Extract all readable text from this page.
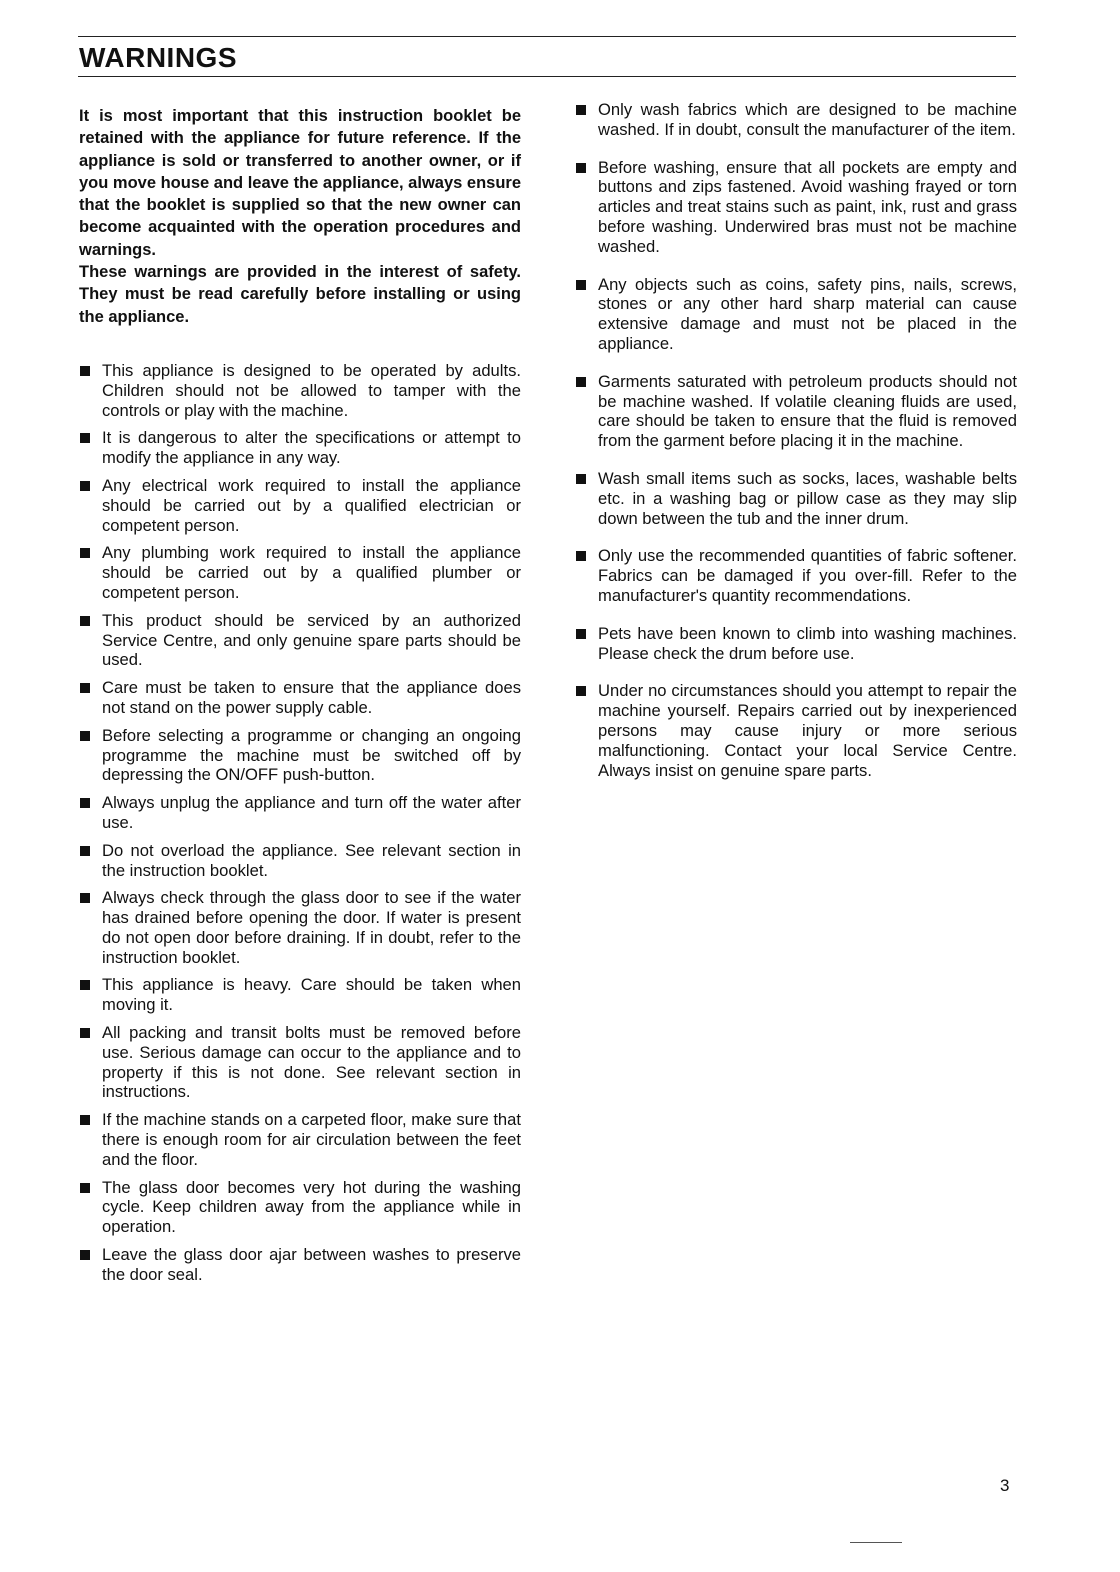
WARNINGS

It is most important that this instruction booklet be retained with the appliance for future reference. If the appliance is sold or transferred to another owner, or if you move house and leave the appliance, always ensure that the booklet is supplied so that the new owner can become acquainted with the operation procedures and warnings.

These warnings are provided in the interest of safety. They must be read carefully before installing or using the appliance.

This appliance is designed to be operated by adults. Children should not be allowed to tamper with the controls or play with the machine.
It is dangerous to alter the specifications or attempt to modify the appliance in any way.
Any electrical work required to install the appliance should be carried out by a qualified electrician or competent person.
Any plumbing work required to install the appliance should be carried out by a qualified plumber or competent person.
This product should be serviced by an authorized Service Centre, and only genuine spare parts should be used.
Care must be taken to ensure that the appliance does not stand on the power supply cable.
Before selecting a programme or changing an ongoing programme the machine must be switched off by depressing the ON/OFF push-button.
Always unplug the appliance and turn off the water after use.
Do not overload the appliance. See relevant section in the instruction booklet.
Always check through the glass door to see if the water has drained before opening the door. If water is present do not open door before draining. If in doubt, refer to the instruction booklet.
This appliance is heavy. Care should be taken when moving it.
All packing and transit bolts must be removed before use. Serious damage can occur to the appliance and to property if this is not done. See relevant section in instructions.
If the machine stands on a carpeted floor, make sure that there is enough room for air circulation between the feet and the floor.
The glass door becomes very hot during the washing cycle. Keep children away from the appliance while in operation.
Leave the glass door ajar between washes to preserve the door seal.
Only wash fabrics which are designed to be machine washed. If in doubt, consult the manufacturer of the item.
Before washing, ensure that all pockets are empty and buttons and zips fastened. Avoid washing frayed or torn articles and treat stains such as paint, ink, rust and grass before washing. Underwired bras must not be machine washed.
Any objects such as coins, safety pins, nails, screws, stones or any other hard sharp material can cause extensive damage and must not be placed in the appliance.
Garments saturated with petroleum products should not be machine washed. If volatile cleaning fluids are used, care should be taken to ensure that the fluid is removed from the garment before placing it in the machine.
Wash small items such as socks, laces, washable belts etc. in a washing bag or pillow case as they may slip down between the tub and the inner drum.
Only use the recommended quantities of fabric softener. Fabrics can be damaged if you over-fill. Refer to the manufacturer's quantity recommendations.
Pets have been known to climb into washing machines. Please check the drum before use.
Under no circumstances should you attempt to repair the machine yourself. Repairs carried out by inexperienced persons may cause injury or more serious malfunctioning. Contact your local Service Centre. Always insist on genuine spare parts.
3
